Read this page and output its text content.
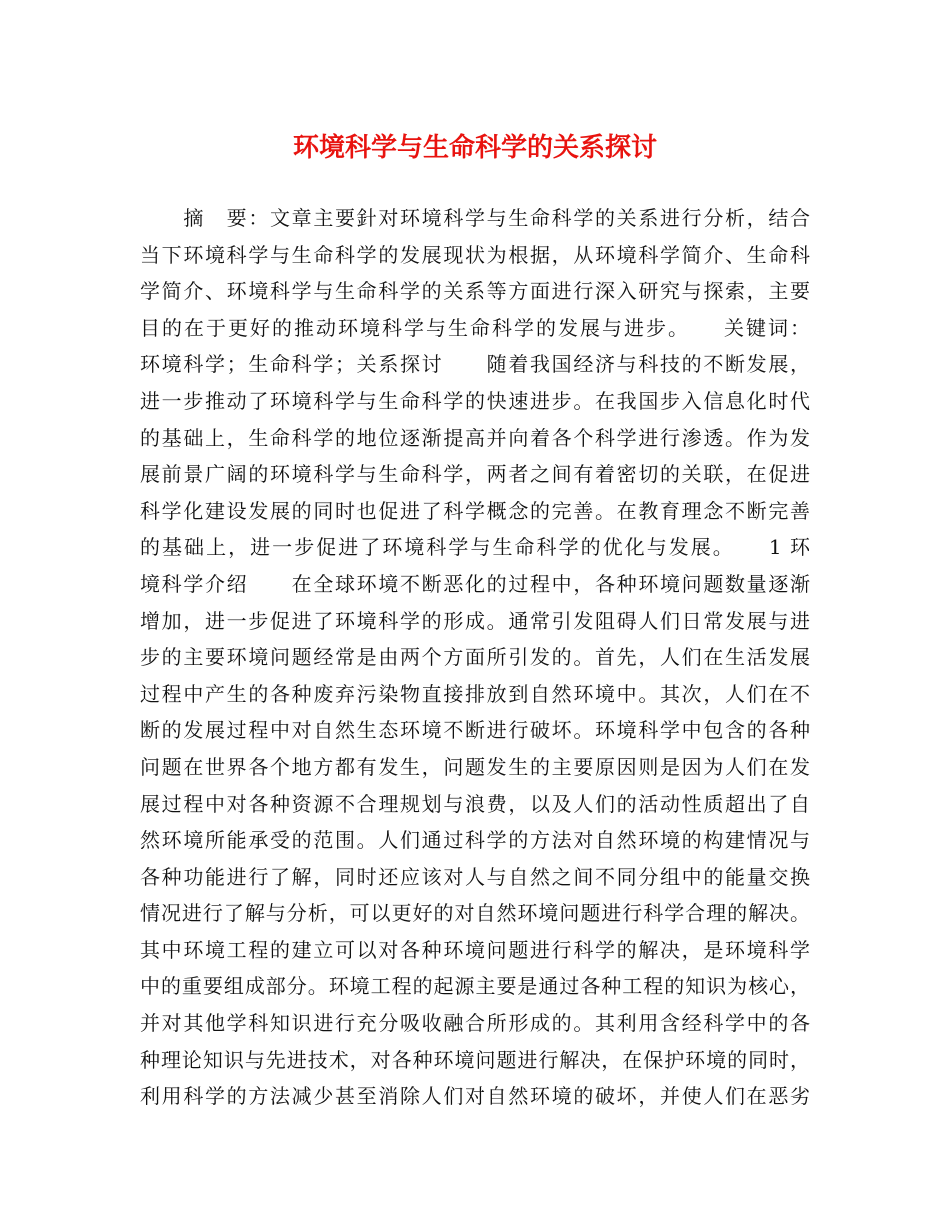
环境科学与生命科学的关系探讨
　　摘　要：文章主要針对环境科学与生命科学的关系进行分析，结合
当下环境科学与生命科学的发展现状为根据，从环境科学简介、生命科
学简介、环境科学与生命科学的关系等方面进行深入研究与探索，主要
目的在于更好的推动环境科学与生命科学的发展与进步。　　关键词：
环境科学；生命科学；关系探讨　　随着我国经济与科技的不断发展，
进一步推动了环境科学与生命科学的快速进步。在我国步入信息化时代
的基础上，生命科学的地位逐渐提高并向着各个科学进行渗透。作为发
展前景广阔的环境科学与生命科学，两者之间有着密切的关联，在促进
科学化建设发展的同时也促进了科学概念的完善。在教育理念不断完善
的基础上，进一步促进了环境科学与生命科学的优化与发展。　　1 环
境科学介绍　　在全球环境不断恶化的过程中，各种环境问题数量逐渐
增加，进一步促进了环境科学的形成。通常引发阻碍人们日常发展与进
步的主要环境问题经常是由两个方面所引发的。首先，人们在生活发展
过程中产生的各种废弃污染物直接排放到自然环境中。其次，人们在不
断的发展过程中对自然生态环境不断进行破坏。环境科学中包含的各种
问题在世界各个地方都有发生，问题发生的主要原因则是因为人们在发
展过程中对各种资源不合理规划与浪费，以及人们的活动性质超出了自
然环境所能承受的范围。人们通过科学的方法对自然环境的构建情况与
各种功能进行了解，同时还应该对人与自然之间不同分组中的能量交换
情况进行了解与分析，可以更好的对自然环境问题进行科学合理的解决。
其中环境工程的建立可以对各种环境问题进行科学的解决，是环境科学
中的重要组成部分。环境工程的起源主要是通过各种工程的知识为核心，
并对其他学科知识进行充分吸收融合所形成的。其利用含经科学中的各
种理论知识与先进技术，对各种环境问题进行解决，在保护环境的同时，
利用科学的方法减少甚至消除人们对自然环境的破坏，并使人们在恶劣
